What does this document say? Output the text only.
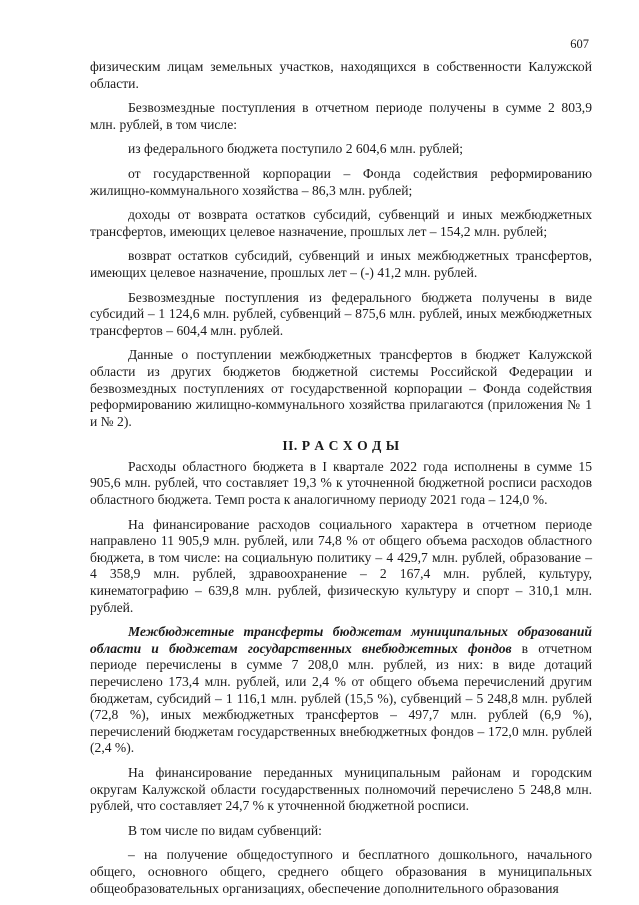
607

физическим лицам земельных участков, находящихся в собственности Калужской области.

Безвозмездные поступления в отчетном периоде получены в сумме 2 803,9 млн. рублей, в том числе:

из федерального бюджета поступило 2 604,6 млн. рублей;

от государственной корпорации – Фонда содействия реформированию жилищно-коммунального хозяйства – 86,3 млн. рублей;

доходы от возврата остатков субсидий, субвенций и иных межбюджетных трансфертов, имеющих целевое назначение, прошлых лет – 154,2 млн. рублей;

возврат остатков субсидий, субвенций и иных межбюджетных трансфертов, имеющих целевое назначение, прошлых лет – (-) 41,2 млн. рублей.

Безвозмездные поступления из федерального бюджета получены в виде субсидий – 1 124,6 млн. рублей, субвенций – 875,6 млн. рублей, иных межбюджетных трансфертов – 604,4 млн. рублей.

Данные о поступлении межбюджетных трансфертов в бюджет Калужской области из других бюджетов бюджетной системы Российской Федерации и безвозмездных поступлениях от государственной корпорации – Фонда содействия реформированию жилищно-коммунального хозяйства прилагаются (приложения № 1 и № 2).

II. Р А С Х О Д Ы

Расходы областного бюджета в I квартале 2022 года исполнены в сумме 15 905,6 млн. рублей, что составляет 19,3 % к уточненной бюджетной росписи расходов областного бюджета. Темп роста к аналогичному периоду 2021 года – 124,0 %.

На финансирование расходов социального характера в отчетном периоде направлено 11 905,9 млн. рублей, или 74,8 % от общего объема расходов областного бюджета, в том числе: на социальную политику – 4 429,7 млн. рублей, образование – 4 358,9 млн. рублей, здравоохранение – 2 167,4 млн. рублей, культуру, кинематографию – 639,8 млн. рублей, физическую культуру и спорт – 310,1 млн. рублей.

Межбюджетные трансферты бюджетам муниципальных образований области и бюджетам государственных внебюджетных фондов в отчетном периоде перечислены в сумме 7 208,0 млн. рублей, из них: в виде дотаций перечислено 173,4 млн. рублей, или 2,4 % от общего объема перечислений другим бюджетам, субсидий – 1 116,1 млн. рублей (15,5 %), субвенций – 5 248,8 млн. рублей (72,8 %), иных межбюджетных трансфертов – 497,7 млн. рублей (6,9 %), перечислений бюджетам государственных внебюджетных фондов – 172,0 млн. рублей (2,4 %).

На финансирование переданных муниципальным районам и городским округам Калужской области государственных полномочий перечислено 5 248,8 млн. рублей, что составляет 24,7 % к уточненной бюджетной росписи.

В том числе по видам субвенций:

– на получение общедоступного и бесплатного дошкольного, начального общего, основного общего, среднего общего образования в муниципальных общеобразовательных организациях, обеспечение дополнительного образования
